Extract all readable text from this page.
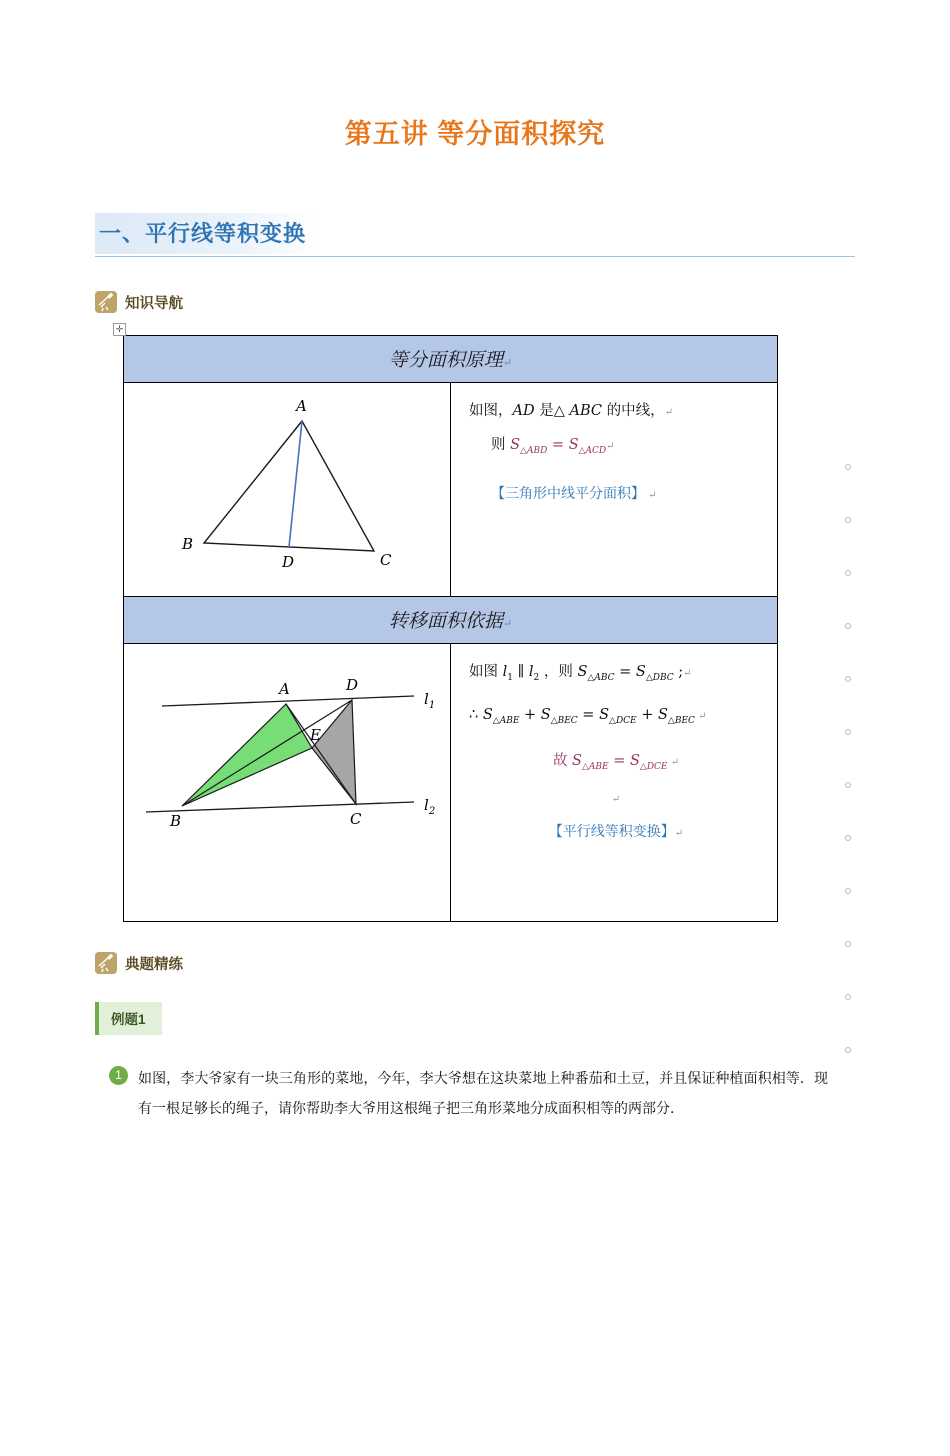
第五讲 等分面积探究
一、平行线等积变换
知识导航
✛
等分面积原理↵	

A
B
C
D

如图，AD 是△ ABC 的中线，↵
则 $S_{\triangle ABD}$ = $S_{\triangle ACD}↵$
【三角形中线平分面积】 ↵

转移面积依据↵	

A	D
B	C
E
$l_1$
$l_2$

如图 $l_1$ ∥ $l_2$ ，则 $S_{\triangle ABC} = S_{\triangle DBC}$ ;↵
∴ $S_{\triangle ABE} + S_{\triangle BEC} = S_{\triangle DCE} + S_{\triangle BEC}$ ↵
故 $S_{\triangle ABE} = S_{\triangle DCE}$ ↵
↵
【平行线等积变换】↵
典题精练
例题1
1	如图，李大爷家有一块三角形的菜地，今年，李大爷想在这块菜地上种番茄和土豆，并且保证种植面积相等．现有一根足够长的绳子，请你帮助李大爷用这根绳子把三角形菜地分成面积相等的两部分．
